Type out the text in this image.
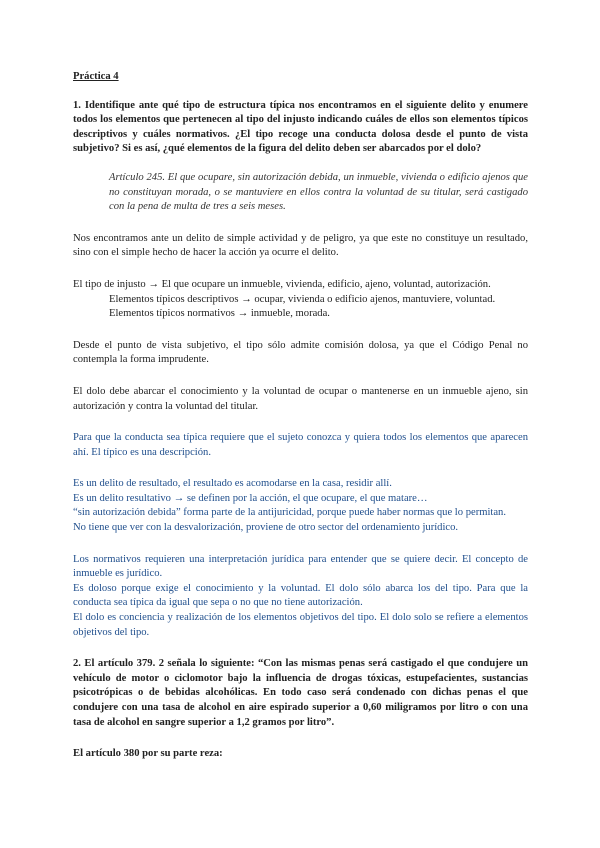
Práctica 4

1. Identifique ante qué tipo de estructura típica nos encontramos en el siguiente delito y enumere todos los elementos que pertenecen al tipo del injusto indicando cuáles de ellos son elementos típicos descriptivos y cuáles normativos. ¿El tipo recoge una conducta dolosa desde el punto de vista subjetivo? Si es así, ¿qué elementos de la figura del delito deben ser abarcados por el dolo?

Artículo 245. El que ocupare, sin autorización debida, un inmueble, vivienda o edificio ajenos que no constituyan morada, o se mantuviere en ellos contra la voluntad de su titular, será castigado con la pena de multa de tres a seis meses.

Nos encontramos ante un delito de simple actividad y de peligro, ya que este no constituye un resultado, sino con el simple hecho de hacer la acción ya ocurre el delito.

El tipo de injusto → El que ocupare un inmueble, vivienda, edificio, ajeno, voluntad, autorización.

Elementos típicos descriptivos → ocupar, vivienda o edificio ajenos, mantuviere, voluntad.

Elementos típicos normativos → inmueble, morada.

Desde el punto de vista subjetivo, el tipo sólo admite comisión dolosa, ya que el Código Penal no contempla la forma imprudente.

El dolo debe abarcar el conocimiento y la voluntad de ocupar o mantenerse en un inmueble ajeno, sin autorización y contra la voluntad del titular.

Para que la conducta sea típica requiere que el sujeto conozca y quiera todos los elementos que aparecen ahí. El típico es una descripción.

Es un delito de resultado, el resultado es acomodarse en la casa, residir allí.

Es un delito resultativo → se definen por la acción, el que ocupare, el que matare…

“sin autorización debida” forma parte de la antijuricidad, porque puede haber normas que lo permitan.

No tiene que ver con la desvalorización, proviene de otro sector del ordenamiento jurídico.

Los normativos requieren una interpretación jurídica para entender que se quiere decir. El concepto de inmueble es jurídico.

Es doloso porque exige el conocimiento y la voluntad. El dolo sólo abarca los del tipo. Para que la conducta sea típica da igual que sepa o no que no tiene autorización.

El dolo es conciencia y realización de los elementos objetivos del tipo. El dolo solo se refiere a elementos objetivos del tipo.

2. El artículo 379. 2 señala lo siguiente: “Con las mismas penas será castigado el que condujere un vehículo de motor o ciclomotor bajo la influencia de drogas tóxicas, estupefacientes, sustancias psicotrópicas o de bebidas alcohólicas. En todo caso será condenado con dichas penas el que condujere con una tasa de alcohol en aire espirado superior a 0,60 miligramos por litro o con una tasa de alcohol en sangre superior a 1,2 gramos por litro”.

El artículo 380 por su parte reza:
